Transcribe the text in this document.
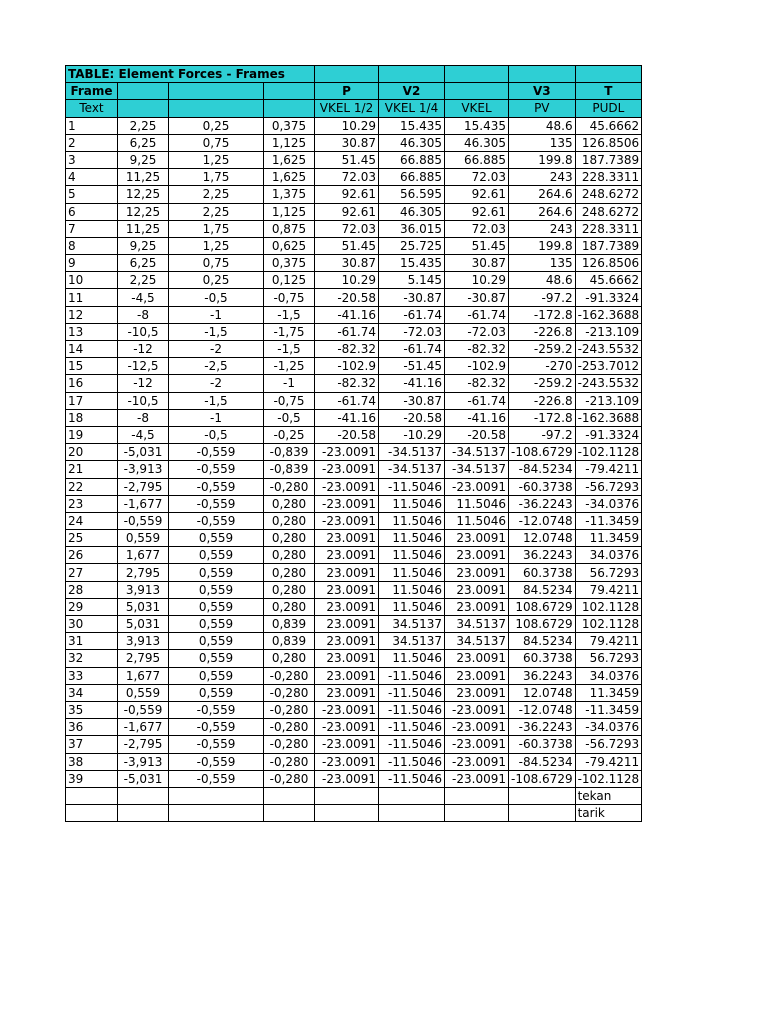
TABLE: Element Forces - Frames								

Frame				P	V2		V3	T
Text				VKEL 1/2	VKEL 1/4	VKEL	PV	PUDL
1	2,25	0,25	0,375	10.29	15.435	15.435	48.6	45.6662
2	6,25	0,75	1,125	30.87	46.305	46.305	135	126.8506
3	9,25	1,25	1,625	51.45	66.885	66.885	199.8	187.7389
4	11,25	1,75	1,625	72.03	66.885	72.03	243	228.3311
5	12,25	2,25	1,375	92.61	56.595	92.61	264.6	248.6272
6	12,25	2,25	1,125	92.61	46.305	92.61	264.6	248.6272
7	11,25	1,75	0,875	72.03	36.015	72.03	243	228.3311
8	9,25	1,25	0,625	51.45	25.725	51.45	199.8	187.7389
9	6,25	0,75	0,375	30.87	15.435	30.87	135	126.8506
10	2,25	0,25	0,125	10.29	5.145	10.29	48.6	45.6662
11	-4,5	-0,5	-0,75	-20.58	-30.87	-30.87	-97.2	-91.3324
12	-8	-1	-1,5	-41.16	-61.74	-61.74	-172.8	-162.3688
13	-10,5	-1,5	-1,75	-61.74	-72.03	-72.03	-226.8	-213.109
14	-12	-2	-1,5	-82.32	-61.74	-82.32	-259.2	-243.5532
15	-12,5	-2,5	-1,25	-102.9	-51.45	-102.9	-270	-253.7012
16	-12	-2	-1	-82.32	-41.16	-82.32	-259.2	-243.5532
17	-10,5	-1,5	-0,75	-61.74	-30.87	-61.74	-226.8	-213.109
18	-8	-1	-0,5	-41.16	-20.58	-41.16	-172.8	-162.3688
19	-4,5	-0,5	-0,25	-20.58	-10.29	-20.58	-97.2	-91.3324
20	-5,031	-0,559	-0,839	-23.0091	-34.5137	-34.5137	-108.6729	-102.1128
21	-3,913	-0,559	-0,839	-23.0091	-34.5137	-34.5137	-84.5234	-79.4211
22	-2,795	-0,559	-0,280	-23.0091	-11.5046	-23.0091	-60.3738	-56.7293
23	-1,677	-0,559	0,280	-23.0091	11.5046	11.5046	-36.2243	-34.0376
24	-0,559	-0,559	0,280	-23.0091	11.5046	11.5046	-12.0748	-11.3459
25	0,559	0,559	0,280	23.0091	11.5046	23.0091	12.0748	11.3459
26	1,677	0,559	0,280	23.0091	11.5046	23.0091	36.2243	34.0376
27	2,795	0,559	0,280	23.0091	11.5046	23.0091	60.3738	56.7293
28	3,913	0,559	0,280	23.0091	11.5046	23.0091	84.5234	79.4211
29	5,031	0,559	0,280	23.0091	11.5046	23.0091	108.6729	102.1128
30	5,031	0,559	0,839	23.0091	34.5137	34.5137	108.6729	102.1128
31	3,913	0,559	0,839	23.0091	34.5137	34.5137	84.5234	79.4211
32	2,795	0,559	0,280	23.0091	11.5046	23.0091	60.3738	56.7293
33	1,677	0,559	-0,280	23.0091	-11.5046	23.0091	36.2243	34.0376
34	0,559	0,559	-0,280	23.0091	-11.5046	23.0091	12.0748	11.3459
35	-0,559	-0,559	-0,280	-23.0091	-11.5046	-23.0091	-12.0748	-11.3459
36	-1,677	-0,559	-0,280	-23.0091	-11.5046	-23.0091	-36.2243	-34.0376
37	-2,795	-0,559	-0,280	-23.0091	-11.5046	-23.0091	-60.3738	-56.7293
38	-3,913	-0,559	-0,280	-23.0091	-11.5046	-23.0091	-84.5234	-79.4211
39	-5,031	-0,559	-0,280	-23.0091	-11.5046	-23.0091	-108.6729	-102.1128
								tekan
								tarik
